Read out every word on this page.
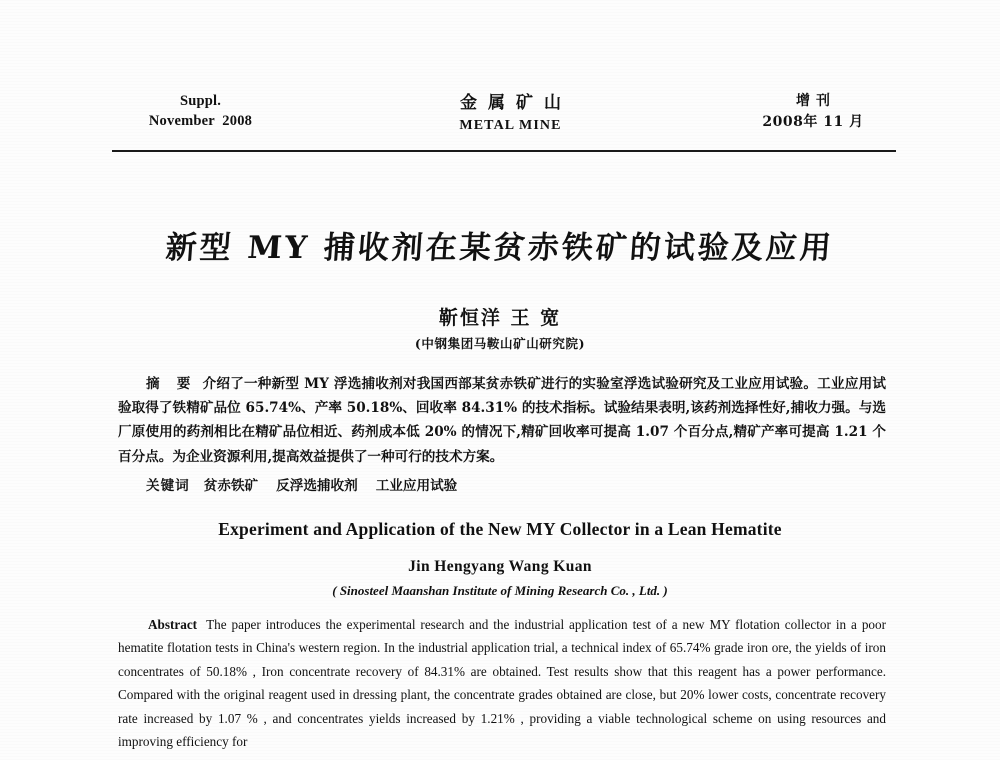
Suppl.
November  2008
金属矿山
METAL MINE
增刊
2008年 11 月
新型 MY 捕收剂在某贫赤铁矿的试验及应用
靳恒洋 王 宽
(中钢集团马鞍山矿山研究院)

摘 要 介绍了一种新型 MY 浮选捕收剂对我国西部某贫赤铁矿进行的实验室浮选试验研究及工业应用试验。工业应用试验取得了铁精矿品位 65.74%、产率 50.18%、回收率 84.31% 的技术指标。试验结果表明,该药剂选择性好,捕收力强。与选厂原使用的药剂相比在精矿品位相近、药剂成本低 20% 的情况下,精矿回收率可提高 1.07 个百分点,精矿产率可提高 1.21 个百分点。为企业资源利用,提高效益提供了一种可行的技术方案。

关键词 贫赤铁矿 反浮选捕收剂 工业应用试验
Experiment and Application of the New MY Collector in a Lean Hematite
Jin Hengyang Wang Kuan
( Sinosteel Maanshan Institute of Mining Research Co. , Ltd. )

Abstract The paper introduces the experimental research and the industrial application test of a new MY flotation collector in a poor hematite flotation tests in China's western region. In the industrial application trial, a technical index of 65.74% grade iron ore, the yields of iron concentrates of 50.18% , Iron concentrate recovery of 84.31% are obtained. Test results show that this reagent has a power performance. Compared with the original reagent used in dressing plant, the concentrate grades obtained are close, but 20% lower costs, concentrate recovery rate increased by 1.07 % , and concentrates yields increased by 1.21% , providing a viable technological scheme on using resources and improving efficiency for
